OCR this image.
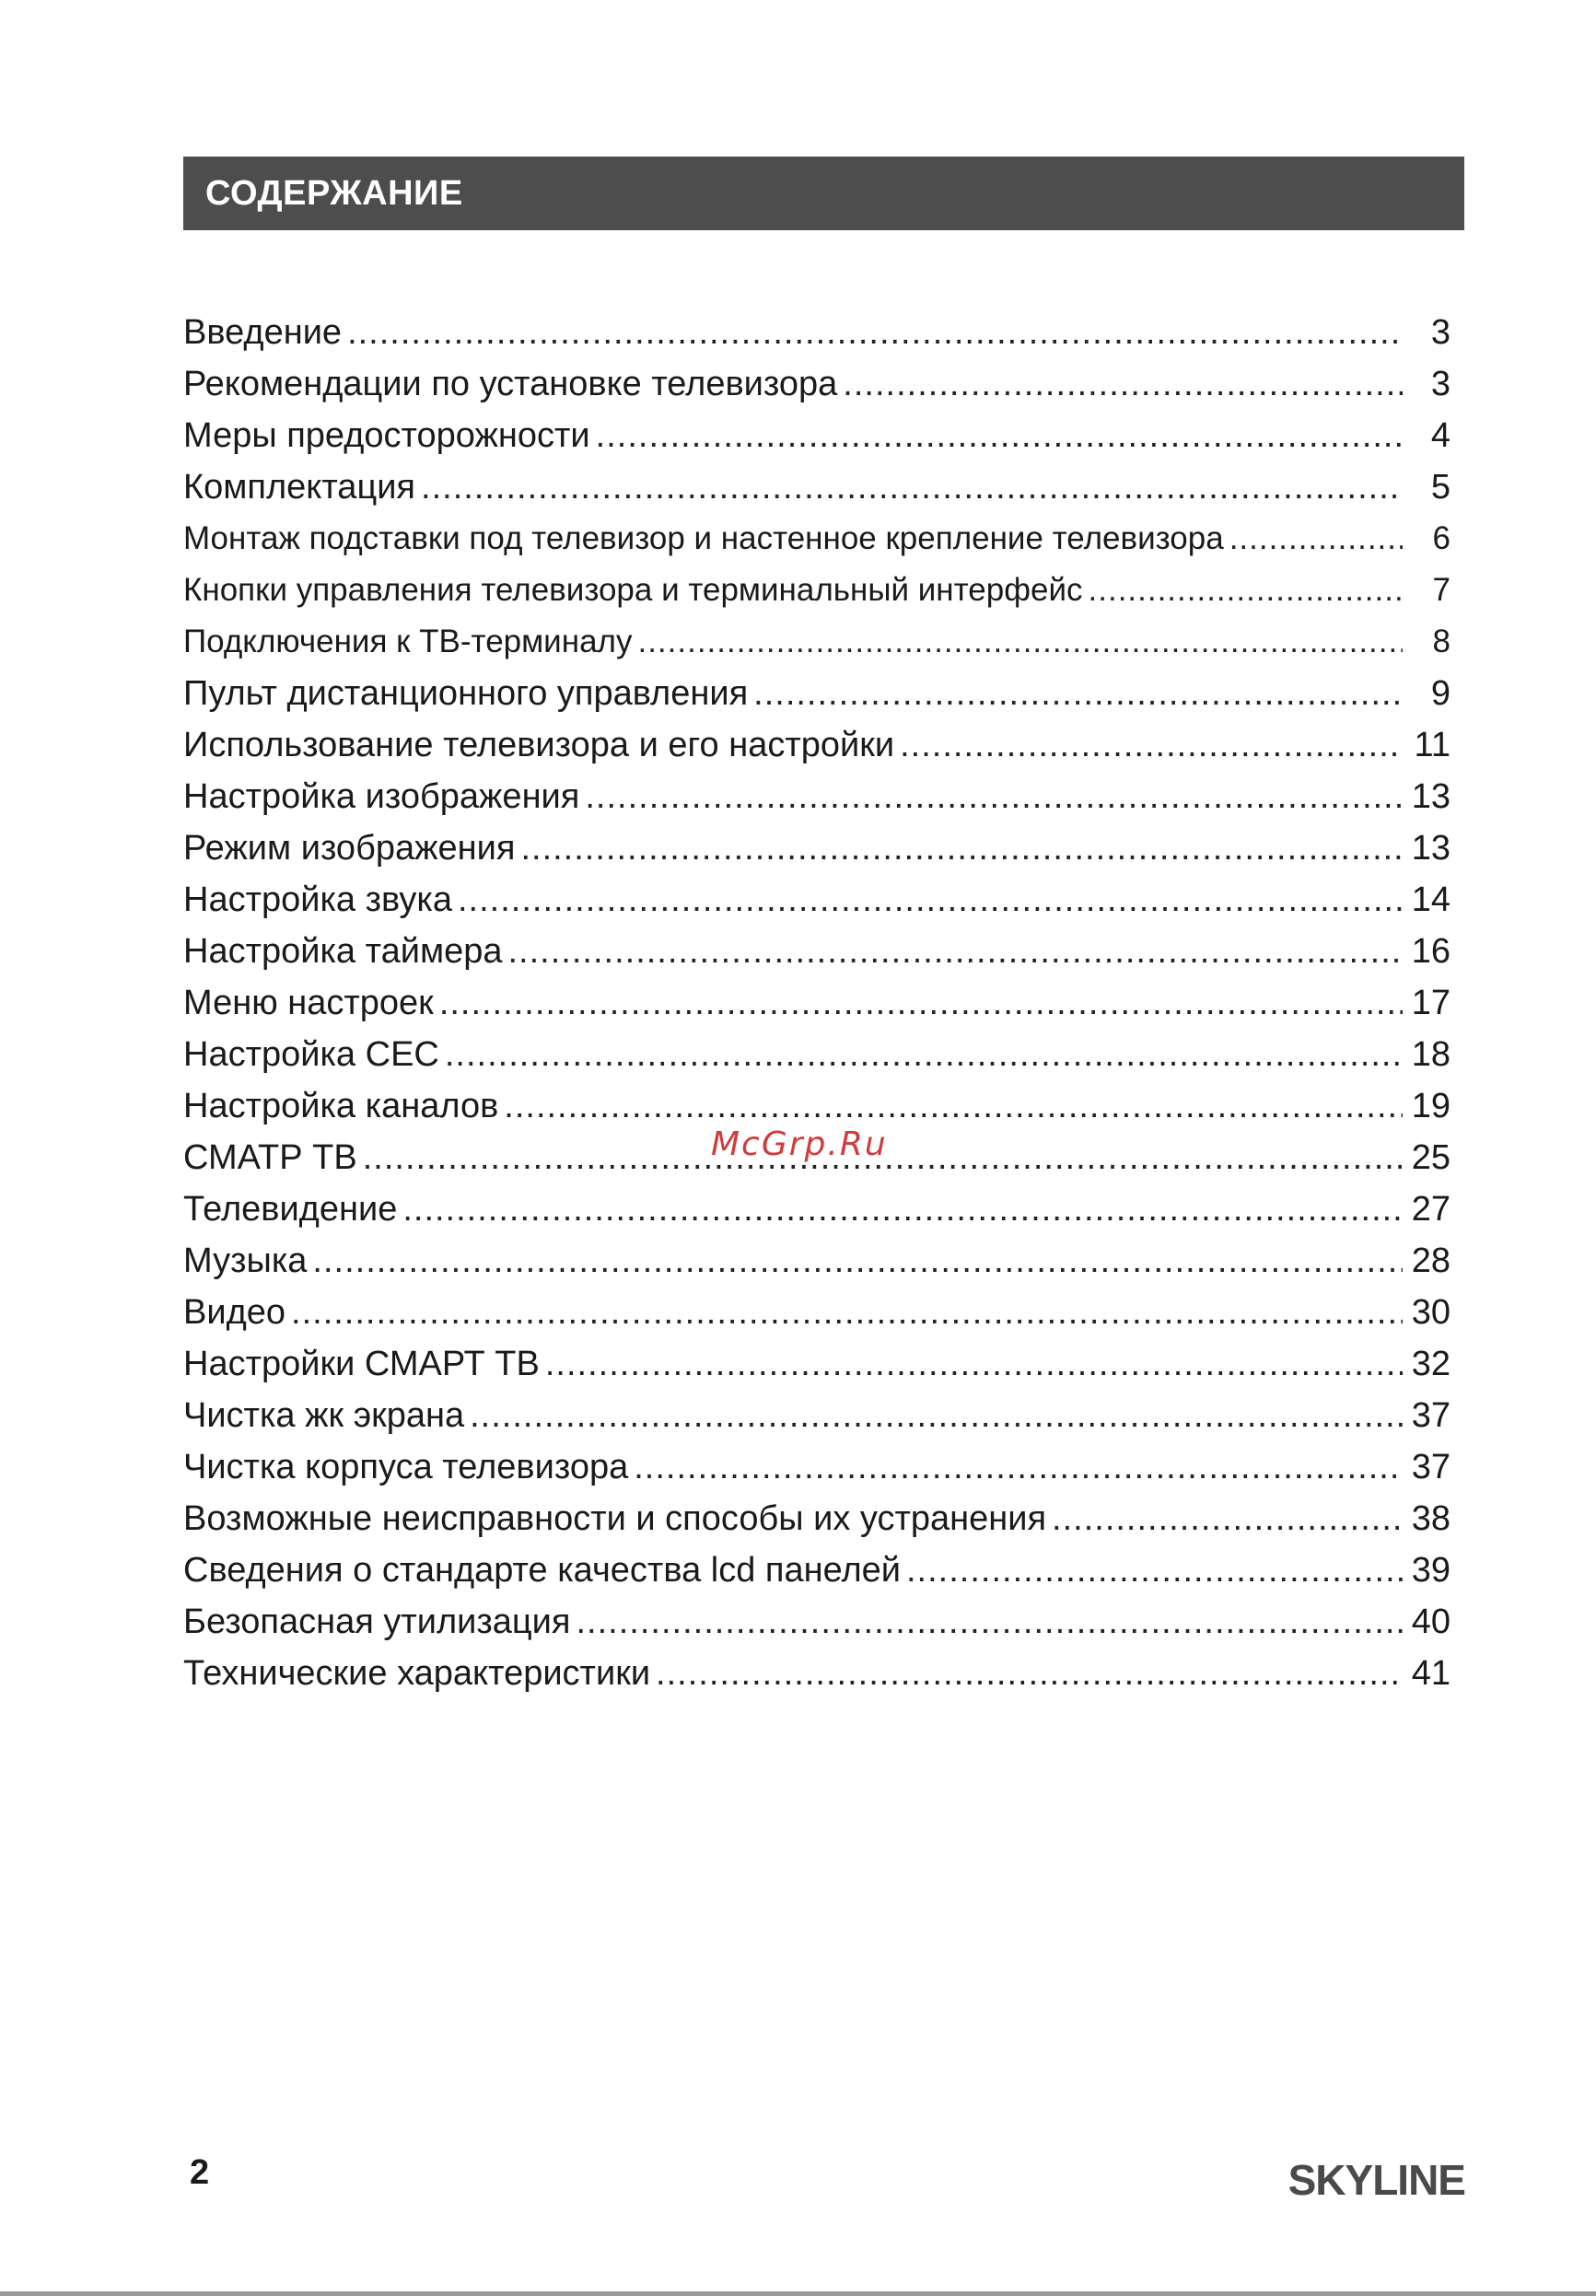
СОДЕРЖАНИЕ
Введение .....	3
Рекомендации по установке телевизора .....	3
Меры предосторожности .....	4
Комплектация .....	5
Монтаж подставки под телевизор и настенное крепление телевизора .....	6
Кнопки управления телевизора и терминальный интерфейс .....	7
Подключения к ТВ-терминалу .....	8
Пульт дистанционного управления .....	9
Использование телевизора и его настройки .....	11
Настройка изображения .....	13
Режим изображения .....	13
Настройка звука .....	14
Настройка таймера .....	16
Меню настроек .....	17
Настройка CEC .....	18
Настройка каналов .....	19
СМАТР ТВ .....	25
Телевидение .....	27
Музыка .....	28
Видео .....	30
Настройки СМАРТ ТВ .....	32
Чистка жк экрана .....	37
Чистка корпуса телевизора .....	37
Возможные неисправности и способы их устранения .....	38
Сведения о стандарте качества lcd панелей .....	39
Безопасная утилизация .....	40
Технические характеристики .....	41
McGrp.Ru
2	SKYLINE
